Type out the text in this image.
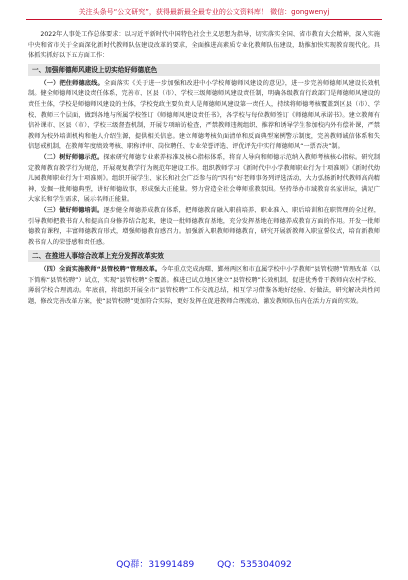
关注头条号“公文研究”，获得最新最全最专业的公文资料库！ 微信：gongwenyj

2022年人事处工作总体要求：以习近平新时代中国特色社会主义思想为指导，切实落实全国、省市教育大会精神，深入实施中央和省市关于全面深化新时代教师队伍建设改革的要求，全面推进高素质专业化教师队伍建设，助推加快实现教育现代化。具体抓实抓好以下五方面工作：

一、加强师德师风建设上切实给好师德底色

（一）把住师德底线。全面落实《关于进一步加强和改进中小学校师德师风建设的意见》，进一步完善师德师风建设长效机制。健全师德师风建设责任体系，完善市、区县（市）、学校三级师德师风建设责任制，明确各级教育行政部门是师德师风建设的责任主体，学校是师德师风建设的主体，学校党政主要负责人是师德师风建设第一责任人，持续将师德考核覆盖到区县（市）、学校、教师三个层面，做到各地与所属学校签订《师德师风建设责任书》，各学校与每位教师签订《师德师风承诺书》。建立教师有信补课市、区县（市）、学校三级督查机制，开展专项暗访检查，严禁教师违规组织、推荐和诱导学生参加校内外有偿补课，严禁教师为校外培训机构和他人介绍生源，提供相关信息。建立师德考核负面清单和反面典型案例警示制度，完善教师诚信体系和失信惩戒机制，在教师年度绩效考核、职称评审、岗位聘任、专业荣誉评选、评优评先中实行师德师风“一票否决”制。

（二）树好师德示范。探索研究师德专业素养标准及核心指标体系，将育人导向和师德示范纳入教师考核核心指标。研究制定教师教育教学行为规范，开展观复教学行为规范年建设工作。组织教师学习《新时代中小学教师职业行为十项准则》《新时代幼儿园教师职业行为十项准则》。组织开展学生、家长和社会广泛参与的“四有”好老师事务列评选活动，大力弘扬新时代教师高尚精神，发掘一批师德典型，讲好师德故事，形成强大正能量。努力营造全社会尊师重教氛围。坚持举办市域教育名家讲坛，满足广大家长和学生需求，展示名师正能量。

（三）做好师德培训。逐步健全师德养成教育体系，把师德教育融入职前培养、职业准入、职后培训和在职管理的全过程，引导教师把教书育人和提高自身修养结合起来，建设一批师德教育基地，充分发挥基地在师德养成教育方面的作用。开发一批师德教育课程，丰富师德教育形式，增强师德教育感召力。加强新入职教师师德教育，研究开展新教师入职宣誓仪式，培育新教师教书育人的荣誉感和责任感。

二、在推进人事综合改革上充分发挥改革实效

（四）全面实施教师“县管校聘”管理改革。今年重点完成海曙、鄞州两区和市直属学校中小学教师“县管校聘”管理改革（以下简称“县管校聘”）试点，实现“县管校聘”全覆盖。推进已试点地区建立“县管校聘”长效机制，促进优秀骨干教师向农村学校、薄弱学校合理流动。年底前，将组织开展全市“县管校聘”工作交流总结，相互学习借鉴各地好经验、好做法，研究解决共性问题，修改完善改革方案，使“县管校聘”更加符合实际，更好发挥在促进教师合理流动、激发教师队伍内在活力方面的实效。

QQ群：31991489	QQ：535304092
